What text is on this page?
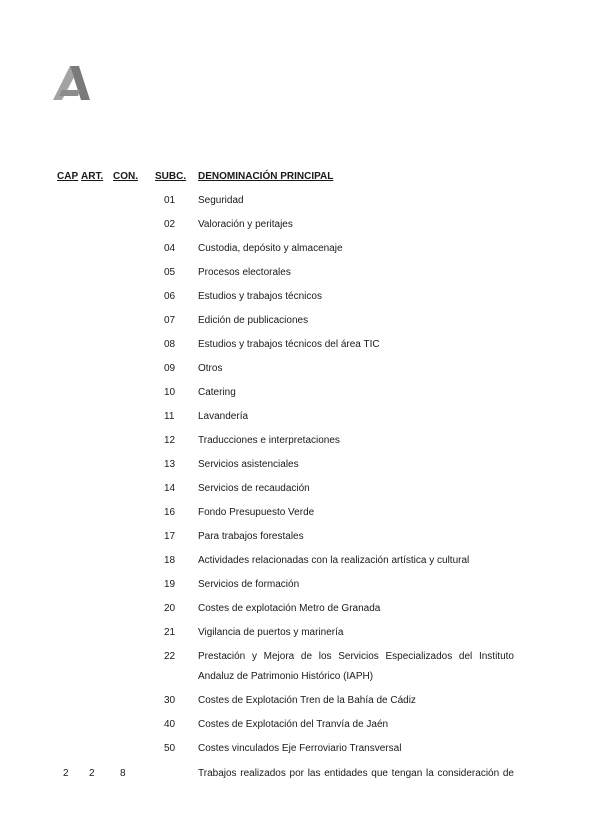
CAP ART. CON. SUBC. DENOMINACIÓN PRINCIPAL
01 Seguridad
02 Valoración y peritajes
04 Custodia, depósito y almacenaje
05 Procesos electorales
06 Estudios y trabajos técnicos
07 Edición de publicaciones
08 Estudios y trabajos técnicos del área TIC
09 Otros
10 Catering
11 Lavandería
12 Traducciones e interpretaciones
13 Servicios asistenciales
14 Servicios de recaudación
16 Fondo Presupuesto Verde
17 Para trabajos forestales
18 Actividades relacionadas con la realización artística y cultural
19 Servicios de formación
20 Costes de explotación Metro de Granada
21 Vigilancia de puertos y marinería
22 Prestación y Mejora de los Servicios Especializados del Instituto Andaluz de Patrimonio Histórico (IAPH)
30 Costes de Explotación Tren de la Bahía de Cádiz
40 Costes de Explotación del Tranvía de Jaén
50 Costes vinculados Eje Ferroviario Transversal
2 2	8	Trabajos realizados por las entidades que tengan la consideración de
